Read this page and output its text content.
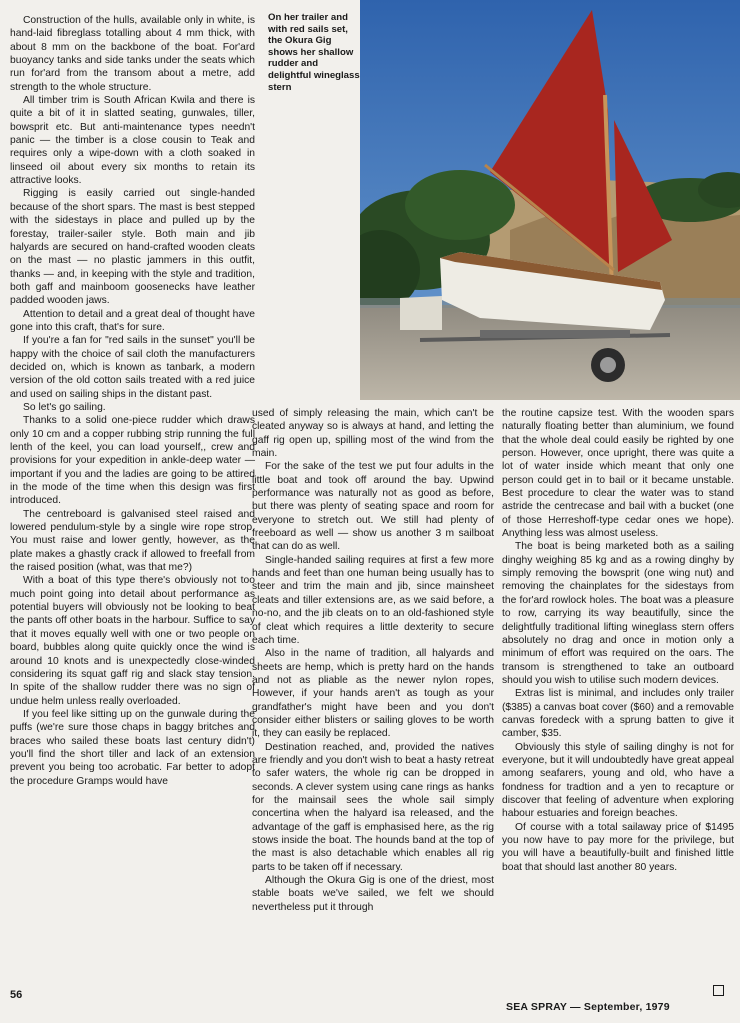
Construction of the hulls, available only in white, is hand-laid fibreglass totalling about 4 mm thick, with about 8 mm on the backbone of the boat. For'ard buoyancy tanks and side tanks under the seats which run for'ard from the transom about a metre, add strength to the whole structure.

All timber trim is South African Kwila and there is quite a bit of it in slatted seating, gunwales, tiller, bowsprit etc. But anti-maintenance types needn't panic — the timber is a close cousin to Teak and requires only a wipe-down with a cloth soaked in linseed oil about every six months to retain its attractive looks.

Rigging is easily carried out single-handed because of the short spars. The mast is best stepped with the sidestays in place and pulled up by the forestay, trailer-sailer style. Both main and jib halyards are secured on hand-crafted wooden cleats on the mast — no plastic jammers in this outfit, thanks — and, in keeping with the style and tradition, both gaff and mainboom goosenecks have leather padded wooden jaws.

Attention to detail and a great deal of thought have gone into this craft, that's for sure.

If you're a fan for "red sails in the sunset" you'll be happy with the choice of sail cloth the manufacturers decided on, which is known as tanbark, a modern version of the old cotton sails treated with a red juice and used on sailing ships in the distant past.

So let's go sailing.

Thanks to a solid one-piece rudder which draws only 10 cm and a copper rubbing strip running the full lenth of the keel, you can load yourself,, crew and provisions for your expedition in ankle-deep water — important if you and the ladies are going to be attired in the mode of the time when this design was first introduced.

The centreboard is galvanised steel raised and lowered pendulum-style by a single wire rope strop. You must raise and lower gently, however, as the plate makes a ghastly crack if allowed to freefall from the raised position (what, was that me?)

With a boat of this type there's obviously not too much point going into detail about performance as potential buyers will obviously not be looking to beat the pants off other boats in the harbour. Suffice to say that it moves equally well with one or two people on board, bubbles along quite quickly once the wind is around 10 knots and is unexpectedly close-winded considering its squat gaff rig and slack stay tension. In spite of the shallow rudder there was no sign of undue helm unless really overloaded.

If you feel like sitting up on the gunwale during the puffs (we're sure those chaps in baggy britches and braces who sailed these boats last century didn't) you'll find the short tiller and lack of an extension prevent you being too acrobatic. Far better to adopt the procedure Gramps would have

On her trailer and with red sails set, the Okura Gig shows her shallow rudder and delightful wineglass stern

used of simply releasing the main, which can't be cleated anyway so is always at hand, and letting the gaff rig open up, spilling most of the wind from the main.

For the sake of the test we put four adults in the little boat and took off around the bay. Upwind performance was naturally not as good as before, but there was plenty of seating space and room for everyone to stretch out. We still had plenty of freeboard as well — show us another 3 m sailboat that can do as well.

Single-handed sailing requires at first a few more hands and feet than one human being usually has to steer and trim the main and jib, since mainsheet cleats and tiller extensions are, as we said before, a no-no, and the jib cleats on to an old-fashioned style of cleat which requires a little dexterity to secure each time.

Also in the name of tradition, all halyards and sheets are hemp, which is pretty hard on the hands and not as pliable as the newer nylon ropes, However, if your hands aren't as tough as your grandfather's might have been and you don't consider either blisters or sailing gloves to be worth it, they can easily be replaced.

Destination reached, and, provided the natives are friendly and you don't wish to beat a hasty retreat to safer waters, the whole rig can be dropped in seconds. A clever system using cane rings as hanks for the mainsail sees the whole sail simply concertina when the halyard isa released, and the advantage of the gaff is emphasised here, as the rig stows inside the boat. The hounds band at the top of the mast is also detachable which enables all rig parts to be taken off if necessary.

Although the Okura Gig is one of the driest, most stable boats we've sailed, we felt we should nevertheless put it through

the routine capsize test. With the wooden spars naturally floating better than aluminium, we found that the whole deal could easily be righted by one person. However, once upright, there was quite a lot of water inside which meant that only one person could get in to bail or it became unstable. Best procedure to clear the water was to stand astride the centrecase and bail with a bucket (one of those Herreshoff-type cedar ones we hope). Anything less was almost useless.

The boat is being marketed both as a sailing dinghy weighing 85 kg and as a rowing dinghy by simply removing the bowsprit (one wing nut) and removing the chainplates for the sidestays from the for'ard rowlock holes. The boat was a pleasure to row, carrying its way beautifully, since the delightfully traditional lifting wineglass stern offers absolutely no drag and once in motion only a minimum of effort was required on the oars. The transom is strengthened to take an outboard should you wish to utilise such modern devices.

Extras list is minimal, and includes only trailer ($385) a canvas boat cover ($60) and a removable canvas foredeck with a sprung batten to give it camber, $35.

Obviously this style of sailing dinghy is not for everyone, but it will undoubtedly have great appeal among seafarers, young and old, who have a fondness for tradtion and a yen to recapture or discover that feeling of adventure when exploring habour estuaries and foreign beaches.

Of course with a total sailaway price of $1495 you now have to pay more for the privilege, but you will have a beautifully-built and finished little boat that should last another 80 years.

56
SEA SPRAY — September, 1979
